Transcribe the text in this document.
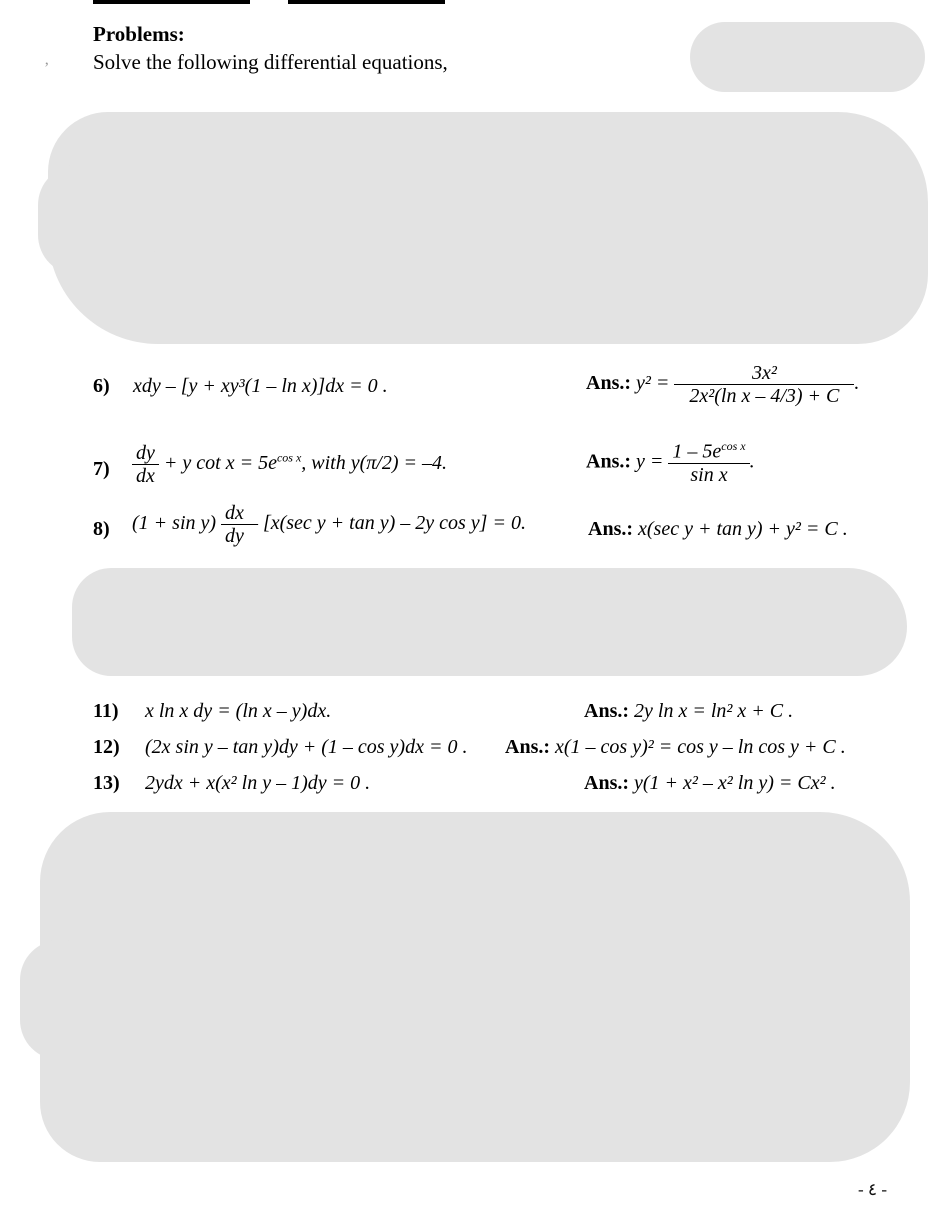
ʼ
Problems:
Solve the following differential equations,
6) xdy – [y + xy³(1 – ln x)]dx = 0 .	Ans.: $y^2 = \frac{\text{3x²}}{\text{2x²(ln x – 4/3) + C}}$ .
$7) \frac{dy}{dx} + y$ $\cot x = 5e^{cos x}$, with y(π/2) = –4.	Ans.: $y = \frac{1 - 5e^{cos x}}{\text{sin x}}$ .
8) $(1 + \sin y) \frac{dx}{dy} - [x(\sec$ y + tan y) – 2y cos y] = 0.	Ans.: x(sec y + tan y) + y² = C .
11) x ln x dy = (ln x – y)dx.	Ans.: 2y ln x = ln² x + C .
12) (2x sin y – tan y)dy + (1 – cos y)dx = 0 . Ans.: x(1 – cos y)² = cos y – ln cos y + C .
13) 2ydx + x(x² ln y – 1)dy = 0 .	Ans.: y(1 + x² – x² ln y) = Cx² .
- ٤ -
